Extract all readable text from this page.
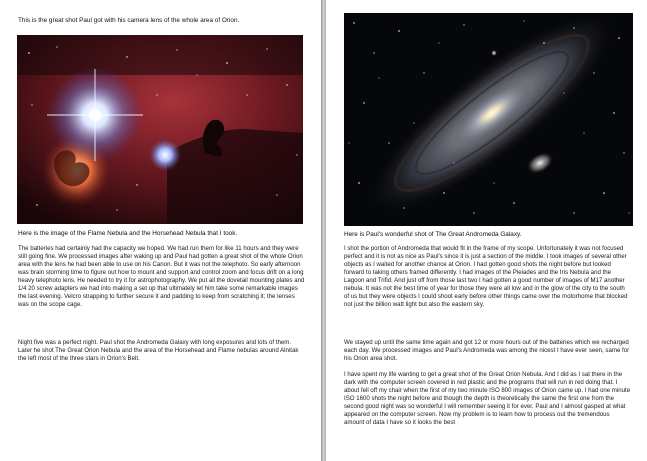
This is the great shot Paul got with his camera lens of the whole area of Orion.
Here is the image of the Flame Nebula and the Horsehead Nebula that I took.
The batteries had certainly had the capacity we hoped. We had run them for like 11 hours and they were still going fine. We processed images after waking up and Paul had gotten a great shot of the whole Orion area with the lens he had been able to use on his Canon. But it was not the telephoto. So early afternoon was brain storming time to figure out how to mount and support and control zoom and focus drift on a long heavy telephoto lens. He needed to try it for astrophotography. We put all the dovetail mounting plates and 1/4 20 screw adapters we had into making a set up that ultimately let him take some remarkable images the last evening. Velcro strapping to further secure it and padding to keep from scratching it; the lenses was on the scope cage.
Night five was a perfect night. Paul shot the Andromeda Galaxy with long exposures and lots of them. Later he shot The Great Orion Nebula and the area of the Horsehead and Flame nebulas around Alnitak the left most of the three stars in Orion's Belt.
Here is Paul's wonderful shot of The Great Andromeda Galaxy.
I shot the portion of Andromeda that would fit in the frame of my scope. Unfortunately it was not focused perfect and it is not as nice as Paul's since it is just a section of the middle. I took images of several other objects as I waited for another chance at Orion. I had gotten good shots the night before but looked forward to taking others framed differently. I had images of the Pleiades and the Iris Nebula and the Lagoon and Trifid. And just off from those last two I had gotten a good number of images of M17 another nebula. It was not the best time of year for those they were all low and in the glow of the city to the south of us but they were objects I could shoot early before other things came over the motorhome that blocked not just the billion watt light but also the eastern sky.
We stayed up until the same time again and got 12 or more hours out of the batteries which we recharged each day. We processed images and Paul's Andromeda was among the nicest I have ever seen, same for his Orion area shot.
I have spent my life wanting to get a great shot of the Great Orion Nebula. And I did as I sat there in the dark with the computer screen covered in red plastic and the programs that will run in red doing that. I about fell off my chair when the first of my two minute ISO 800 images of Orion came up. I had one minute ISO 1600 shots the night before and though the depth is theoretically the same the first one from the second good night was so wonderful I will remember seeing it for ever. Paul and I almost gasped at what appeared on the computer screen. Now my problem is to learn how to process out the tremendous amount of data I have so it looks the best
